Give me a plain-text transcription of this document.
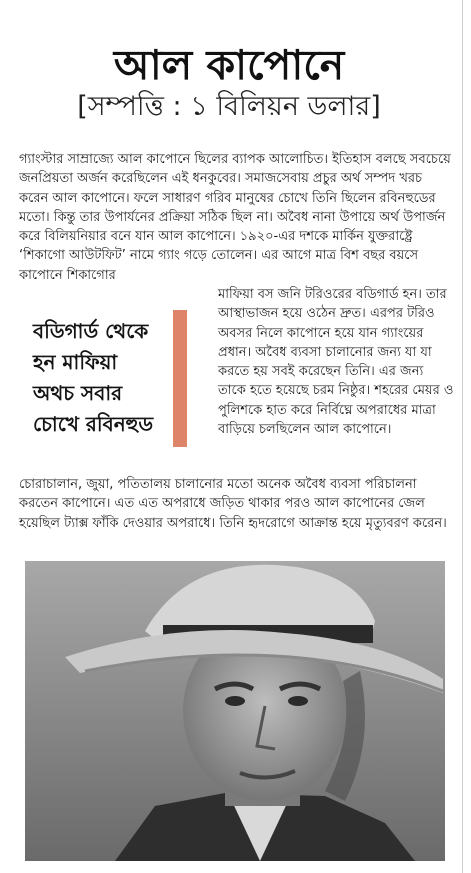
আল কাপোনে
[সম্পত্তি : ১ বিলিয়ন ডলার]

গ্যাংস্টার সাম্রাজ্যে আল কাপোনে ছিলের ব্যাপক আলোচিত। ইতিহাস বলছে সবচেয়ে জনপ্রিয়তা অর্জন করেছিলেন এই ধনকুবের। সমাজসেবায় প্রচুর অর্থ সম্পদ খরচ করেন আল কাপোনে। ফলে সাধারণ গরিব মানুষের চোখে তিনি ছিলেন রবিনহুডের মতো। কিন্তু তার উপার্যনের প্রক্রিয়া সঠিক ছিল না। অবৈধ নানা উপায়ে অর্থ উপার্জন করে বিলিয়নিয়ার বনে যান আল কাপোনে। ১৯২০-এর দশকে মার্কিন যুক্তরাষ্ট্রে ‘শিকাগো আউটফিট’ নামে গ্যাং গড়ে তোলেন। এর আগে মাত্র বিশ বছর বয়সে কাপোনে শিকাগোর

বডিগার্ড থেকে
হন মাফিয়া
অথচ সবার
চোখে রবিনহুড

মাফিয়া বস জনি টরিওরের বডিগার্ড হন। তার আস্থাভাজন হয়ে ওঠেন দ্রুত। এরপর টরিও অবসর নিলে কাপোনে হয়ে যান গ্যাংয়ের প্রধান। অবৈধ ব্যবসা চালানোর জন্য যা যা করতে হয় সবই করেছেন তিনি। এর জন্য তাকে হতে হয়েছে চরম নিষ্ঠুর। শহরের মেয়র ও পুলিশকে হাত করে নির্বিঘ্নে অপরাধের মাত্রা বাড়িয়ে চলছিলেন আল কাপোনে।

চোরাচালান, জুয়া, পতিতালয় চালানোর মতো অনেক অবৈধ ব্যবসা পরিচালনা করতেন কাপোনে। এত এত অপরাধে জড়িত থাকার পরও আল কাপোনের জেল হয়েছিল ট্যাক্স ফাঁকি দেওয়ার অপরাধে। তিনি হৃদরোগে আক্রান্ত হয়ে মৃত্যুবরণ করেন।
